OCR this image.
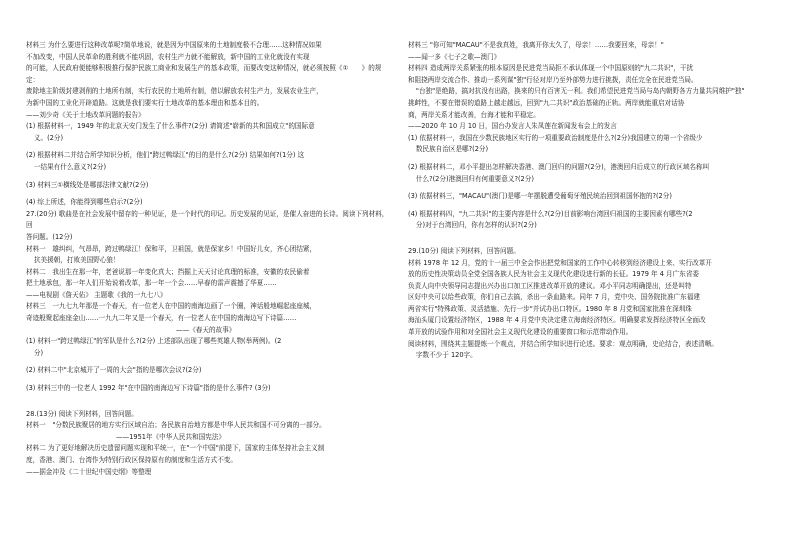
材料三 为什么要进行这种改革呢?简单地说，就是因为中国原来的土地制度极不合理……这种情况如果

不加改变，中国人民革命的胜利就不能巩固，农村生产力就不能解放，新中国的工业化就没有实现

的可能，人民政府便能够积极推行保护民族工商业和发展生产的基本政策，而要改变这种情况，就必须按照《①　　》的规定：

废除地主阶级封建剥削的土地所有制，实行农民的土地所有制，借以解放农村生产力，发展农业生产，

为新中国的工业化开辟道路。这就是我们要实行土地改革的基本理由和基本目的。

——刘少奇《关于土地改革问题的报告》

(1) 根据材料一，1949 年的北京天安门发生了什么事件?(2分) 请简述"崭新的共和国成立"的国际意

义。(2分)

(2) 根据材料二并结合所学知识分析，他们"跨过鸭绿江"的目的是什么?(2分) 结果如何?(1分) 这

一结果有什么意义?(2分)

(3) 材料三①横线处是哪部法律文献?(2分)

(4) 综上所述，你能得到哪些启示?(2分)

27.(20分) 歌曲是在社会发展中留存的一种见证，是一个时代的印记。历史发展的见证，是催人奋进的长诗。阅读下列材料，回

答问题。(12分)

材料一　雄纠纠，气昂昂，跨过鸭绿江！保和平，卫祖国，就是保家乡！中国好儿女，齐心团结紧，

抗美援朝，打败美国野心狼！

材料二　我出生在那一年，老爸说那一年变化真大；挡掘上天天讨论真理的标准，安徽的农民偷着

把土地承包，那一年人们开始说着改革，那一年一个会……早春的雷声震撼了华夏……

——电视剧《詹天佑》 主题歌《我的一九七八》

材料三　一九七九年那是一个春天，有一位老人在中国的南海边画了一个圈，神话般地崛起座座城，

奇迹般聚起座座金山……一九九二年又是一个春天，有一位老人在中国的南海边写下诗篇……

——《春天的故事》

(1) 材料一"跨过鸭绿江"的军队是什么?(2分) 上述部队出现了哪些英雄人物(举两例)。(2

分)

(2) 材料二中"北京城开了一周的大会"指的是哪次会议?(2分)

(3) 材料三中的一位老人 1992 年"在中国的南海边写下诗篇"指的是什么事件? (3分)

28.(13分) 阅读下列材料，回答问题。

材料一　"分数民族聚居的地方实行区域自治；各民族自治地方都是中华人民共和国不可分离的一部分。

——1951年《中华人民共和国宪法》

材料二 为了更好地解决历史遗留问题实现和平统一，在"一个中国"前提下，国家的主体坚持社会主义制

度，香港、澳门、台湾作为特别行政区保持原有的制度和生活方式不变。

——据金冲及《二十世纪中国史纲》等整理

材料三 "你可知"MACAU"不是我真姓，我离开你太久了，母亲！……我要回来，母亲！"

——闻一多《七子之歌—澳门》

材料四 造成两岸关系紧张的根本原因是民进党当局拒不承认体现一个中国原则的"九二共识"，干扰

和阻挠两岸交流合作、推动一系列谋"独"行径对岸乃至外部势力进行挑拨，责任完全在民进党当局。

"台独"是绝路，搞对抗没有出路，换来的只有百害无一利。我们希望民进党当局与岛内朝野各方力量共同维护"独"

挑衅性，不要在错误的道路上越走越远，回到"九二共识"政治基础的正轨。两岸就能重启对话协

商，两岸关系才能改善，台海才能和平稳定。

——2020 年 10 月 10 日，国台办发言人朱凤莲在新闻发布会上的发言

(1) 依据材料一，我国在少数民族地区实行的一项重要政治制度是什么?(2分)我国建立的第一个省级少

数民族自治区是哪?(2分)

(2) 根据材料二，邓小平提出怎样解决香港、澳门回归的问题?(2分)，港澳回归后成立的行政区域名称叫

什么?(2分)港澳回归有何重要意义?(2分)

(3) 依据材料三，"MACAU"(澳门)是哪一年摆脱遭受葡萄牙殖民统治回到祖国怀抱的?(2分)

(4) 根据材料四，"九二共识"的主要内容是什么?(2分)目前影响台湾回归祖国的主要因素有哪些?(2

分)对于台湾回归，你有怎样的认识?(2分)

29.(10分) 阅读下列材料，回答问题。

材料 1978 年 12 月，党的十一届三中全会作出把党和国家的工作中心转移到经济建设上来、实行改革开

放的历史性决策动员全党全国各族人民为社会主义现代化建设进行新的长征。1979 年 4 月广东省委

负责人向中央领导同志提出兴办出口加工区推进改革开放的建议。邓小平同志明确提出，还是叫特

区好中央可以给些政策，你们自己去搞，杀出一条血路来。同年 7 月，党中央、国务院批准广东福建

两省实行"特殊政策、灵活措施、先行一步"并试办出口特区。1980 年 8 月党和国家批准在深圳珠

海汕头厦门设置经济特区，1988 年 4 月党中央决定建立海南经济特区。明确要求发挥经济特区全面改

革开放的试验作用和对全国社会主义现代化建设的重要窗口和示范带动作用。

阅读材料，围绕其主题提炼一个观点，并结合所学知识进行论述。要求：观点明确，史论结合，表述清晰。

字数不少于 120字。
